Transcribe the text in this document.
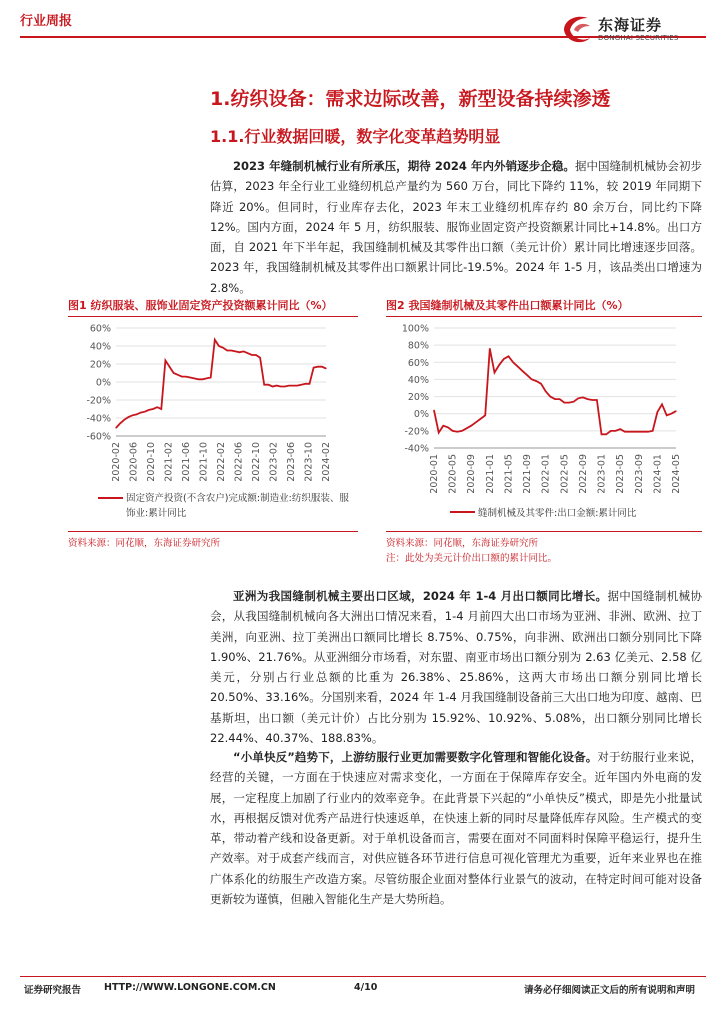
行业周报	东海证券
DONGHAI SECURITIES
1.纺织设备：需求边际改善，新型设备持续渗透
1.1.行业数据回暖，数字化变革趋势明显
2023 年缝制机械行业有所承压，期待 2024 年内外销逐步企稳。据中国缝制机械协会初步估算，2023 年全行业工业缝纫机总产量约为 560 万台，同比下降约 11%，较 2019 年同期下降近 20%。但同时，行业库存去化，2023 年末工业缝纫机库存约 80 余万台，同比约下降 12%。国内方面，2024 年 5 月，纺织服装、服饰业固定资产投资额累计同比+14.8%。出口方面，自 2021 年下半年起，我国缝制机械及其零件出口额（美元计价）累计同比增速逐步回落。2023 年，我国缝制机械及其零件出口额累计同比-19.5%。2024 年 1-5 月，该品类出口增速为 2.8%。
图1 纺织服装、服饰业固定资产投资额累计同比（%）
60%
40%
20%
0%
-20%
-40%
-60%
2020-02 2020-06 2020-10 2021-02 2021-06 2021-10 2022-02 2022-06 2022-10 2023-02 2023-06 2023-10 2024-02
固定资产投资(不含农户)完成额:制造业:纺织服装、服饰业:累计同比
资料来源：同花顺，东海证券研究所
图2 我国缝制机械及其零件出口额累计同比（%）
100%
80%
60%
40%
20%
0%
-20%
-40%
2020-01 2020-05 2020-09 2021-01 2021-05 2021-09 2022-01 2022-05 2022-09 2023-01 2023-05 2023-09 2024-01 2024-05
缝制机械及其零件:出口金额:累计同比
资料来源：同花顺，东海证券研究所
注：此处为美元计价出口额的累计同比。
亚洲为我国缝制机械主要出口区域，2024 年 1-4 月出口额同比增长。据中国缝制机械协会，从我国缝制机械向各大洲出口情况来看，1-4 月前四大出口市场为亚洲、非洲、欧洲、拉丁美洲，向亚洲、拉丁美洲出口额同比增长 8.75%、0.75%，向非洲、欧洲出口额分别同比下降 1.90%、21.76%。从亚洲细分市场看，对东盟、南亚市场出口额分别为 2.63 亿美元、2.58 亿美元，分别占行业总额的比重为 26.38%、25.86%，这两大市场出口额分别同比增长 20.50%、33.16%。分国别来看，2024 年 1-4 月我国缝制设备前三大出口地为印度、越南、巴基斯坦，出口额（美元计价）占比分别为 15.92%、10.92%、5.08%，出口额分别同比增长 22.44%、40.37%、188.83%。
“小单快反”趋势下，上游纺服行业更加需要数字化管理和智能化设备。对于纺服行业来说，经营的关键，一方面在于快速应对需求变化，一方面在于保障库存安全。近年国内外电商的发展，一定程度上加剧了行业内的效率竞争。在此背景下兴起的“小单快反”模式，即是先小批量试水，再根据反馈对优秀产品进行快速返单，在快速上新的同时尽量降低库存风险。生产模式的变革，带动着产线和设备更新。对于单机设备而言，需要在面对不同面料时保障平稳运行，提升生产效率。对于成套产线而言，对供应链各环节进行信息可视化管理尤为重要，近年来业界也在推广体系化的纺服生产改造方案。尽管纺服企业面对整体行业景气的波动，在特定时间可能对设备更新较为谨慎，但融入智能化生产是大势所趋。
证券研究报告 HTTP://WWW.LONGONE.COM.CN	4/10	请务必仔细阅读正文后的所有说明和声明
